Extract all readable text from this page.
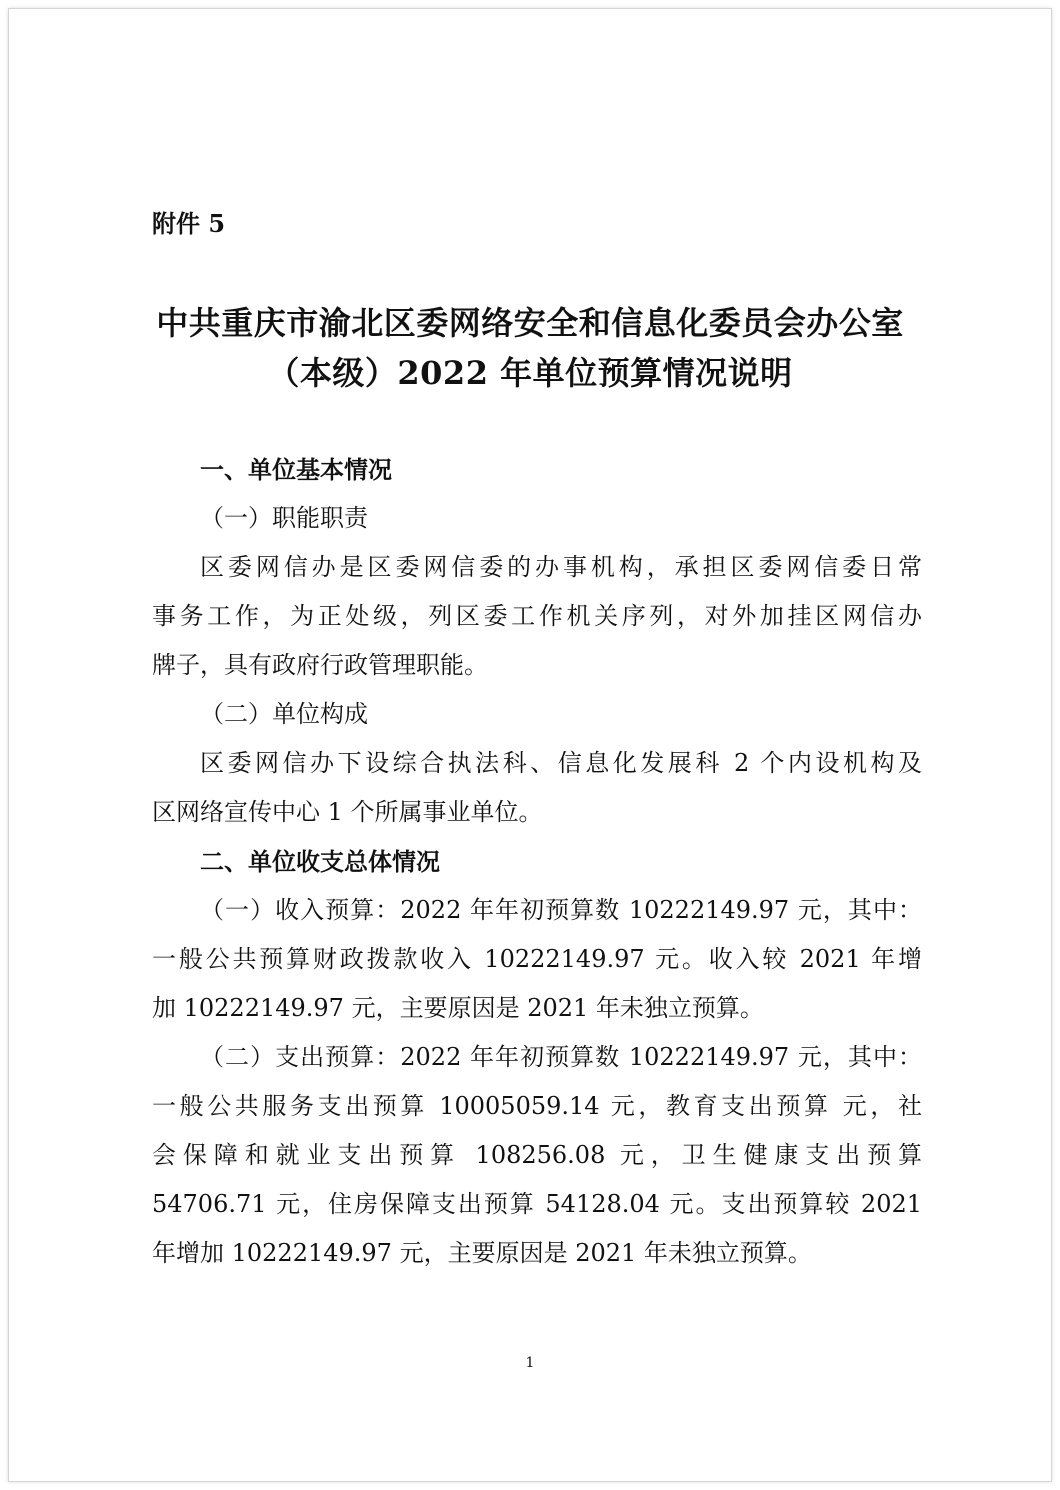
附件 5
中共重庆市渝北区委网络安全和信息化委员会办公室
（本级）2022 年单位预算情况说明
一、单位基本情况
（一）职能职责
区委网信办是区委网信委的办事机构，承担区委网信委日常
事务工作，为正处级，列区委工作机关序列，对外加挂区网信办
牌子，具有政府行政管理职能。
（二）单位构成
区委网信办下设综合执法科、信息化发展科 2 个内设机构及
区网络宣传中心 1 个所属事业单位。
二、单位收支总体情况
（一）收入预算：2022 年年初预算数 10222149.97 元，其中：
一般公共预算财政拨款收入 10222149.97 元。收入较 2021 年增
加 10222149.97 元，主要原因是 2021 年未独立预算。
（二）支出预算：2022 年年初预算数 10222149.97 元，其中：
一般公共服务支出预算 10005059.14 元，教育支出预算 元，社
会保障和就业支出预算 108256.08 元，卫生健康支出预算
54706.71 元，住房保障支出预算 54128.04 元。支出预算较 2021
年增加 10222149.97 元，主要原因是 2021 年未独立预算。
1
